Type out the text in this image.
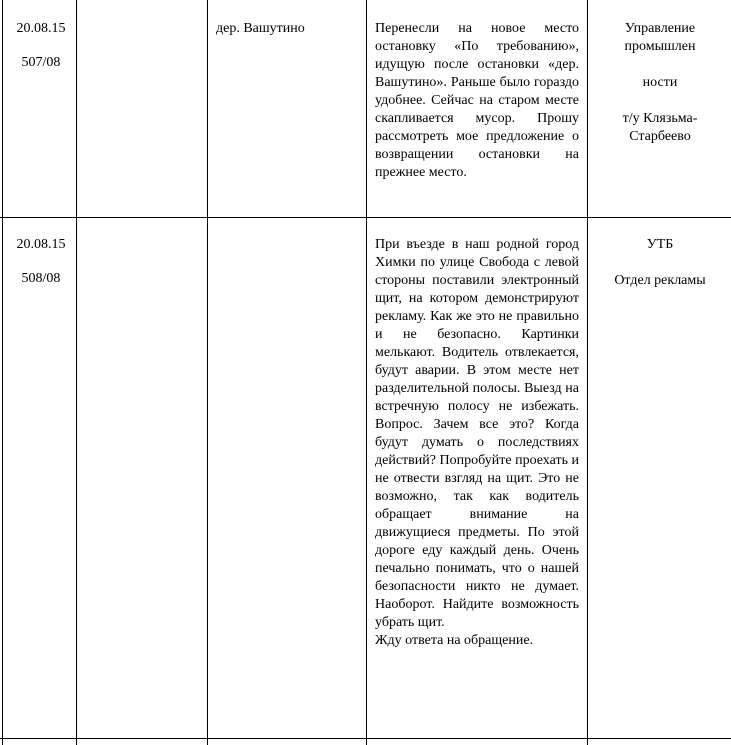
20.08.15
507/08
дер. Вашутино	Перенесли на новое место остановку «По требованию», идущую после остановки «дер. Вашутино». Раньше было гораздо удобнее. Сейчас на старом месте скапливается мусор. Прошу рассмотреть мое предложение о возвращении остановки на прежнее место.

Управление промышлен

ности

т/у Клязьма-Старбеево

20.08.15
508/08

При въезде в наш родной город Химки по улице Свобода с левой стороны поставили электронный щит, на котором демонстрируют рекламу. Как же это не правильно и не безопасно. Картинки мелькают. Водитель отвлекается, будут аварии. В этом месте нет разделительной полосы. Выезд на встречную полосу не избежать. Вопрос. Зачем все это? Когда будут думать о последствиях действий? Попробуйте проехать и не отвести взгляд на щит. Это не возможно, так как водитель обращает внимание на движущиеся предметы. По этой дороге еду каждый день. Очень печально понимать, что о нашей безопасности никто не думает. Наоборот. Найдите возможность убрать щит.

Жду ответа на обращение.

УТБ

Отдел рекламы
